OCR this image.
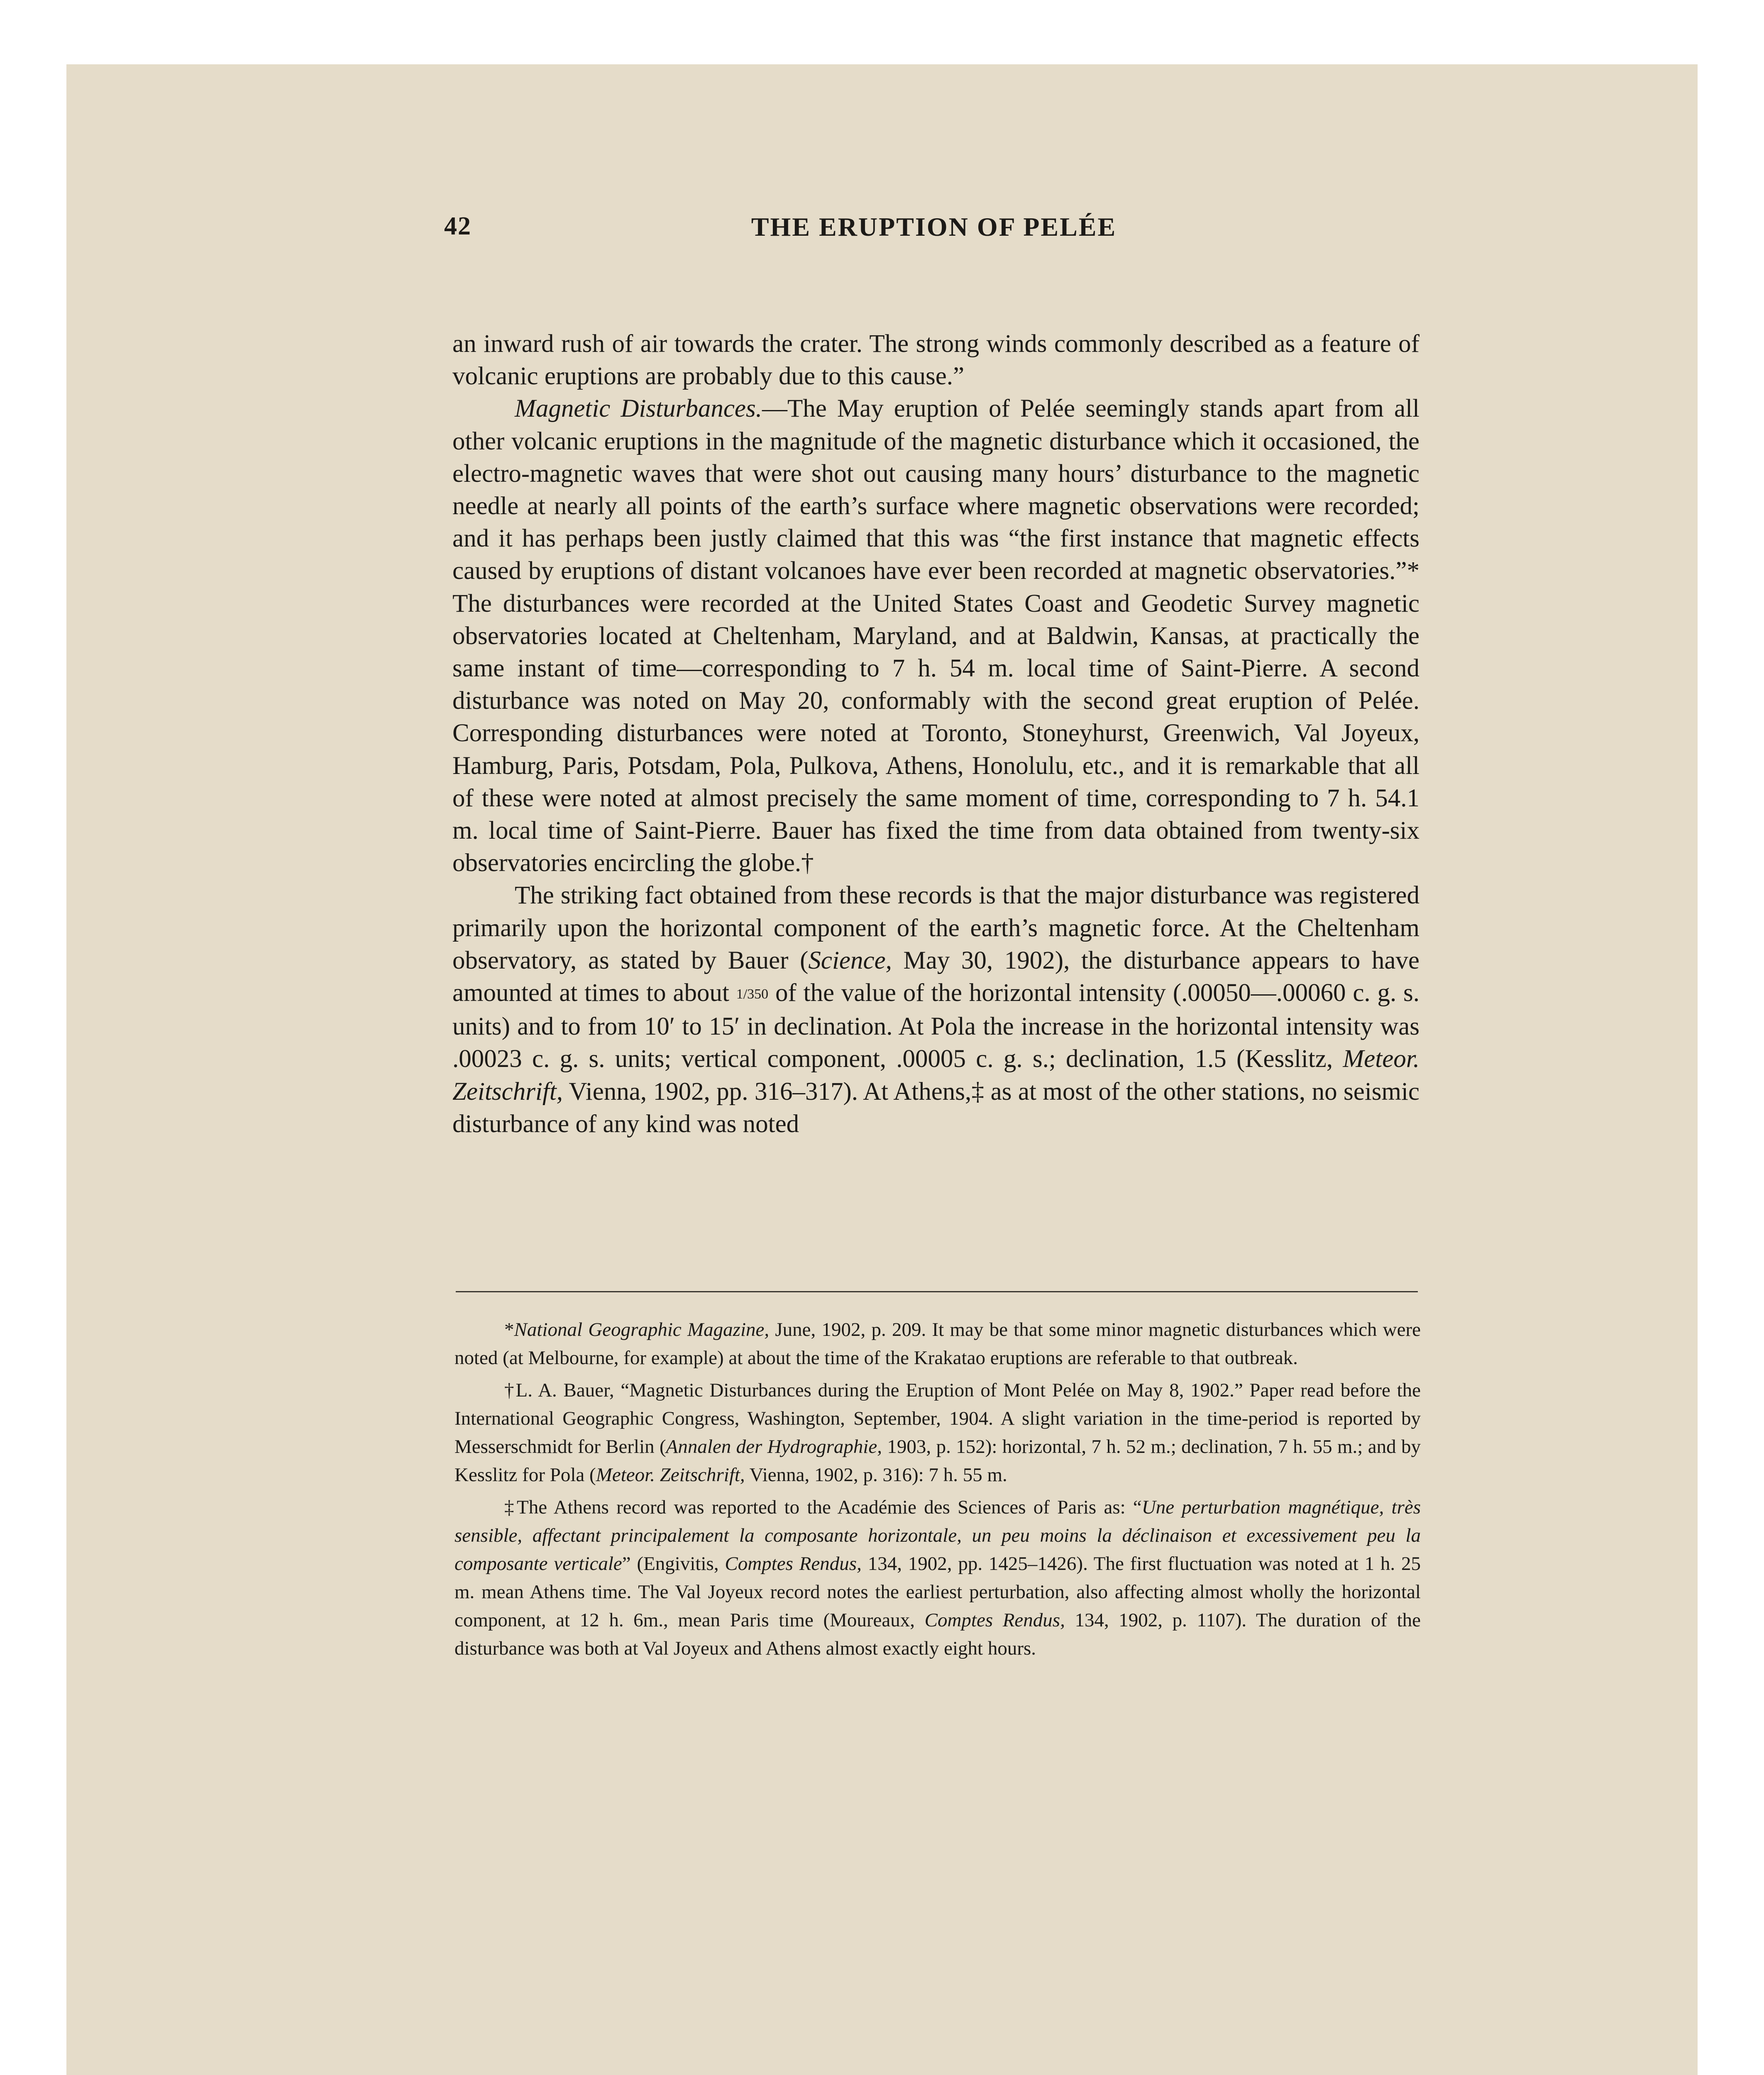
42	THE ERUPTION OF PELÉE

an inward rush of air towards the crater. The strong winds commonly described as a feature of volcanic eruptions are probably due to this cause.”

Magnetic Disturbances.—The May eruption of Pelée seemingly stands apart from all other volcanic eruptions in the magnitude of the magnetic disturbance which it occasioned, the electro-magnetic waves that were shot out causing many hours’ disturbance to the magnetic needle at nearly all points of the earth’s surface where magnetic observations were recorded; and it has perhaps been justly claimed that this was “the first instance that magnetic effects caused by eruptions of distant volcanoes have ever been recorded at magnetic observatories.”* The disturbances were recorded at the United States Coast and Geodetic Survey magnetic observatories located at Cheltenham, Maryland, and at Baldwin, Kansas, at practically the same instant of time—corresponding to 7 h. 54 m. local time of Saint-Pierre. A second disturbance was noted on May 20, conformably with the second great eruption of Pelée. Corresponding disturbances were noted at Toronto, Stoneyhurst, Greenwich, Val Joyeux, Hamburg, Paris, Potsdam, Pola, Pulkova, Athens, Honolulu, etc., and it is remarkable that all of these were noted at almost precisely the same moment of time, corresponding to 7 h. 54.1 m. local time of Saint-Pierre. Bauer has fixed the time from data obtained from twenty-six observatories encircling the globe.†

The striking fact obtained from these records is that the major disturbance was registered primarily upon the horizontal component of the earth’s magnetic force. At the Cheltenham observatory, as stated by Bauer (Science, May 30, 1902), the disturbance appears to have amounted at times to about 1/350 of the value of the horizontal intensity (.00050—.00060 c. g. s. units) and to from 10′ to 15′ in declination. At Pola the increase in the horizontal intensity was .00023 c. g. s. units; vertical component, .00005 c. g. s.; declination, 1.5 (Kesslitz, Meteor. Zeitschrift, Vienna, 1902, pp. 316–317). At Athens,‡ as at most of the other stations, no seismic disturbance of any kind was noted

*National Geographic Magazine, June, 1902, p. 209. It may be that some minor magnetic disturbances which were noted (at Melbourne, for example) at about the time of the Krakatao eruptions are referable to that outbreak.

†L. A. Bauer, “Magnetic Disturbances during the Eruption of Mont Pelée on May 8, 1902.” Paper read before the International Geographic Congress, Washington, September, 1904. A slight variation in the time-period is reported by Messerschmidt for Berlin (Annalen der Hydrographie, 1903, p. 152): horizontal, 7 h. 52 m.; declination, 7 h. 55 m.; and by Kesslitz for Pola (Meteor. Zeitschrift, Vienna, 1902, p. 316): 7 h. 55 m.

‡The Athens record was reported to the Académie des Sciences of Paris as: “Une perturbation magnétique, très sensible, affectant principalement la composante horizontale, un peu moins la déclinaison et excessivement peu la composante verticale” (Engivitis, Comptes Rendus, 134, 1902, pp. 1425–1426). The first fluctuation was noted at 1 h. 25 m. mean Athens time. The Val Joyeux record notes the earliest perturbation, also affecting almost wholly the horizontal component, at 12 h. 6m., mean Paris time (Moureaux, Comptes Rendus, 134, 1902, p. 1107). The duration of the disturbance was both at Val Joyeux and Athens almost exactly eight hours.
